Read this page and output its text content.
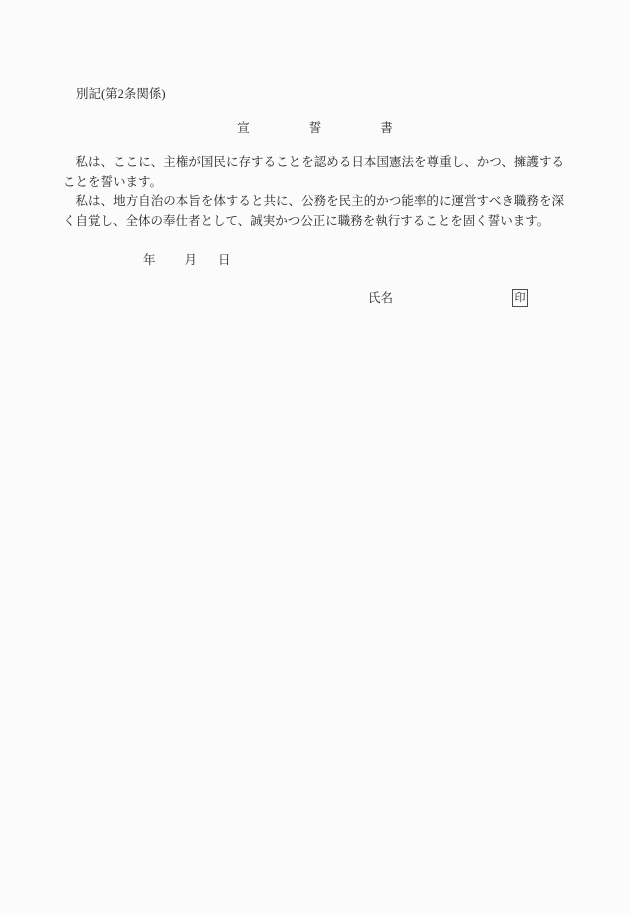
別記(第2条関係)
宣	誓	書

私は、ここに、主権が国民に存することを認める日本国憲法を尊重し、かつ、擁護することを誓います。

私は、地方自治の本旨を体すると共に、公務を民主的かつ能率的に運営すべき職務を深く自覚し、全体の奉仕者として、誠実かつ公正に職務を執行することを固く誓います。

年 月 日
氏名	印
